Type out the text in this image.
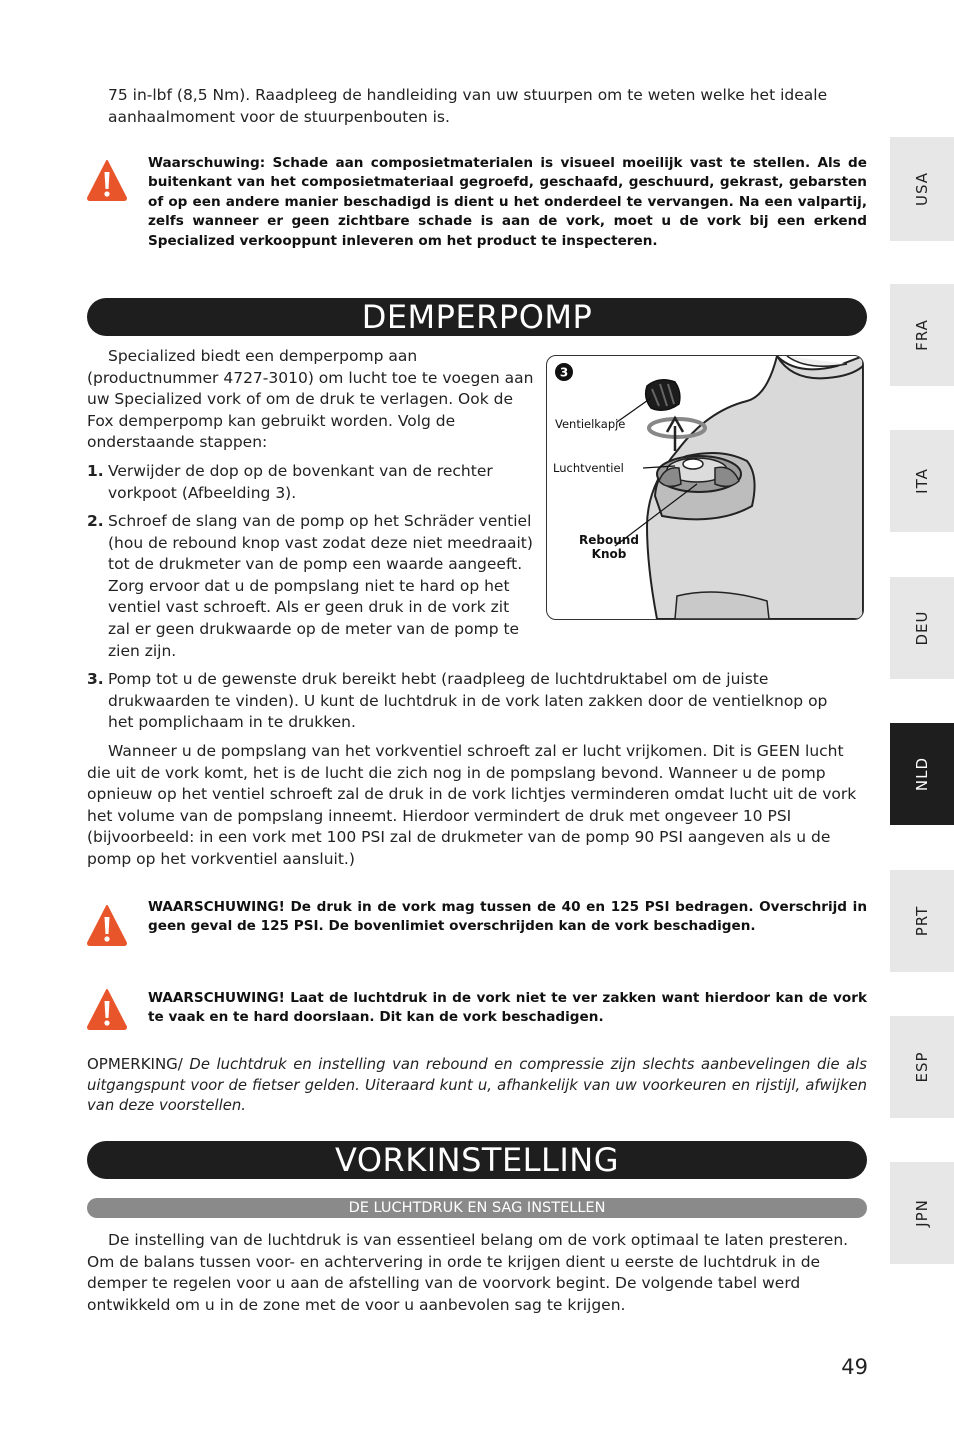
75 in-lbf (8,5 Nm). Raadpleeg de handleiding van uw stuurpen om te weten welke het ideale aanhaalmoment voor de stuurpenbouten is.

Waarschuwing: Schade aan composietmaterialen is visueel moeilijk vast te stellen. Als de buitenkant van het composietmateriaal gegroefd, geschaafd, geschuurd, gekrast, gebarsten of op een andere manier beschadigd is dient u het onderdeel te vervangen. Na een valpartij, zelfs wanneer er geen zichtbare schade is aan de vork, moet u de vork bij een erkend Specialized verkooppunt inleveren om het product te inspecteren.

DEMPERPOMP

Specialized biedt een demperpomp aan (productnummer 4727-3010) om lucht toe te voegen aan uw Specialized vork of om de druk te verlagen. Ook de Fox demperpomp kan gebruikt worden. Volg de onderstaande stappen:

1. Verwijder de dop op de bovenkant van de rechter vorkpoot (Afbeelding 3).
2. Schroef de slang van de pomp op het Schräder ventiel (hou de rebound knop vast zodat deze niet meedraait) tot de drukmeter van de pomp een waarde aangeeft. Zorg ervoor dat u de pompslang niet te hard op het ventiel vast schroeft. Als er geen druk in de vork zit zal er geen drukwaarde op de meter van de pomp te zien zijn.
3. Pomp tot u de gewenste druk bereikt hebt (raadpleeg de luchtdruktabel om de juiste drukwaarden te vinden). U kunt de luchtdruk in de vork laten zakken door de ventielknop op het pomplichaam in te drukken.
3
Ventielkapje
Luchtventiel
Rebound
Knob

Wanneer u de pompslang van het vorkventiel schroeft zal er lucht vrijkomen. Dit is GEEN lucht die uit de vork komt, het is de lucht die zich nog in de pompslang bevond. Wanneer u de pomp opnieuw op het ventiel schroeft zal de druk in de vork lichtjes verminderen omdat lucht uit de vork het volume van de pompslang inneemt. Hierdoor vermindert de druk met ongeveer 10 PSI (bijvoorbeeld: in een vork met 100 PSI zal de drukmeter van de pomp 90 PSI aangeven als u de pomp op het vorkventiel aansluit.)

WAARSCHUWING! De druk in de vork mag tussen de 40 en 125 PSI bedragen. Overschrijd in geen geval de 125 PSI. De bovenlimiet overschrijden kan de vork beschadigen.

WAARSCHUWING! Laat de luchtdruk in de vork niet te ver zakken want hierdoor kan de vork te vaak en te hard doorslaan. Dit kan de vork beschadigen.

OPMERKING/ De luchtdruk en instelling van rebound en compressie zijn slechts aanbevelingen die als uitgangspunt voor de fietser gelden. Uiteraard kunt u, afhankelijk van uw voorkeuren en rijstijl, afwijken van deze voorstellen.

VORKINSTELLING
DE LUCHTDRUK EN SAG INSTELLEN

De instelling van de luchtdruk is van essentieel belang om de vork optimaal te laten presteren. Om de balans tussen voor- en achtervering in orde te krijgen dient u eerste de luchtdruk in de demper te regelen voor u aan de afstelling van de voorvork begint. De volgende tabel werd ontwikkeld om u in de zone met de voor u aanbevolen sag te krijgen.

USA
FRA
ITA
DEU
NLD
PRT
ESP
JPN
49
